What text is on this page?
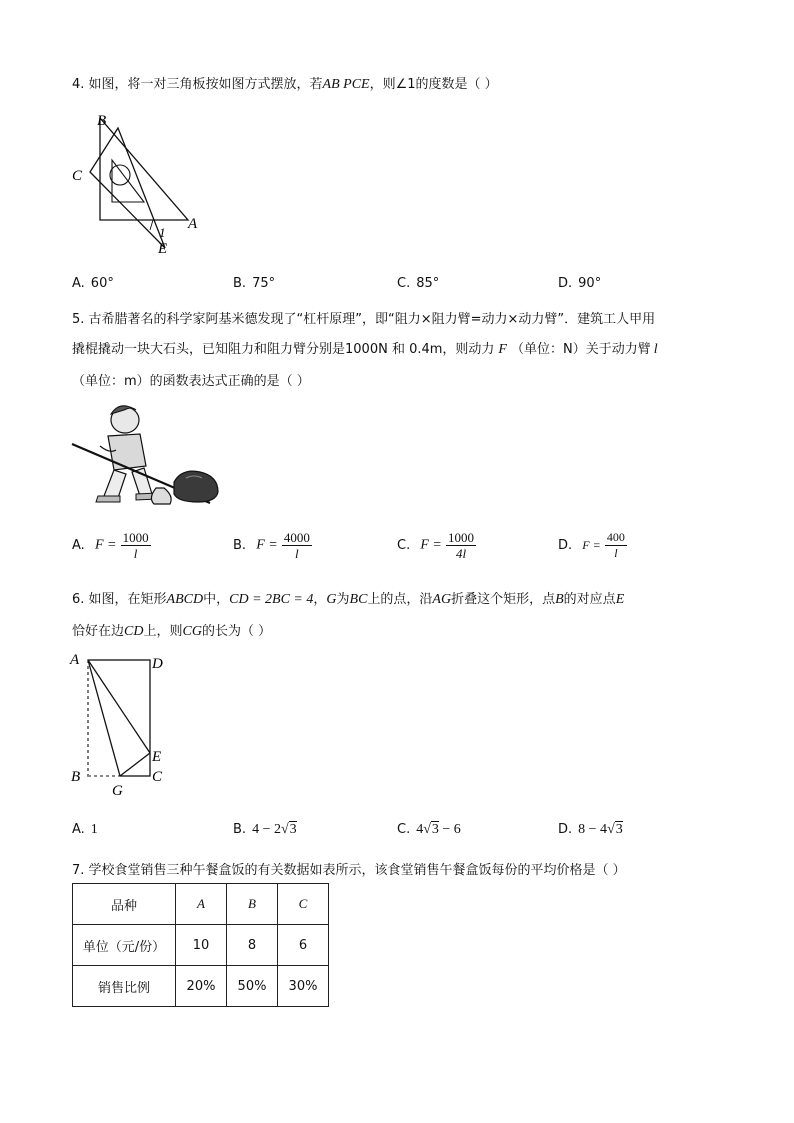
4. 如图，将一对三角板按如图方式摆放，若AB PCE，则∠1的度数是（ ）
B
C
A
E
1
A. 60°	B. 75°	C. 85°	D. 90°
5. 古希腊著名的科学家阿基米德发现了“杠杆原理”，即“阻力×阻力臂=动力×动力臂”．建筑工人甲用
撬棍撬动一块大石头，已知阻力和阻力臂分别是1000N 和 0.4m，则动力 F （单位：N）关于动力臂 l
（单位：m）的函数表达式正确的是（ ）
A. $F = \frac{1000}{l}$	B. $F = \frac{4000}{l}$	C. $F = \frac{1000}{4l}$	D. $F = \frac{400}{l}$
6. 如图，在矩形ABCD中，CD = 2BC = 4，G为BC上的点，沿AG折叠这个矩形，点B的对应点E
恰好在边CD上，则CG的长为（ ）
A	D
E
B
G
C
A. 1	B. 4 − 2√3	C. 4√3 − 6	D. 8 − 4√3
7. 学校食堂销售三种午餐盒饭的有关数据如表所示，该食堂销售午餐盒饭每份的平均价格是（ ）
品种	A	B	C
单位（元/份）	10	8	6
销售比例	20%	50%	30%
